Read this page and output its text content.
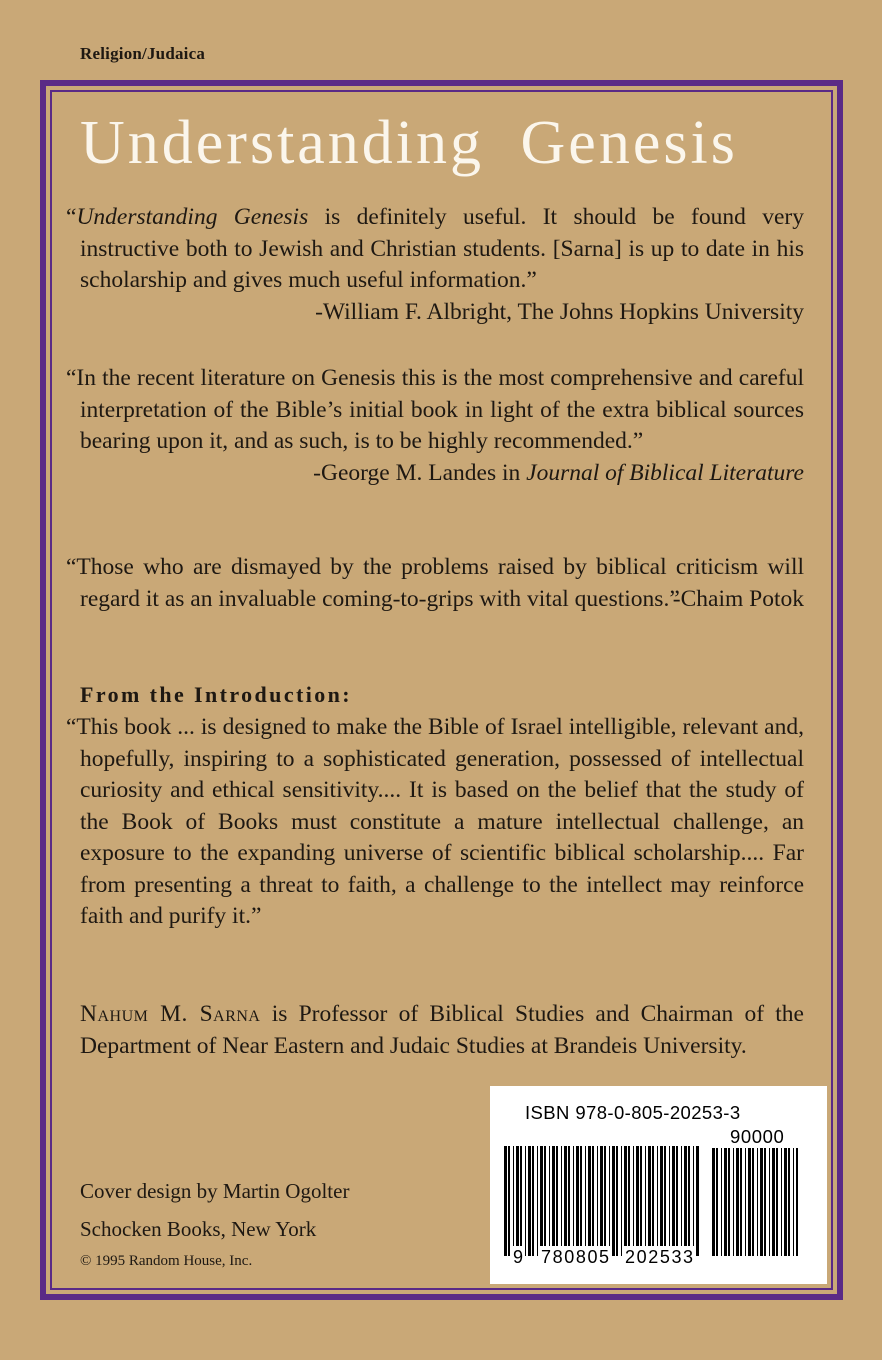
Religion/Judaica
Understanding Genesis
“Understanding Genesis is definitely useful. It should be found very instructive both to Jewish and Christian students. [Sarna] is up to date in his scholarship and gives much useful information.”
-William F. Albright, The Johns Hopkins University
“In the recent literature on Genesis this is the most comprehensive and careful interpretation of the Bible’s initial book in light of the extra biblical sources bearing upon it, and as such, is to be highly recommended.”
-George M. Landes in Journal of Biblical Literature
“Those who are dismayed by the problems raised by biblical criticism will regard it as an invaluable coming-to-grips with vital questions.”
-Chaim Potok
From the Introduction:
“This book ... is designed to make the Bible of Israel intelligible, relevant and, hopefully, inspiring to a sophisticated generation, possessed of intellectual curiosity and ethical sensitivity.... It is based on the belief that the study of the Book of Books must constitute a mature intellectual challenge, an exposure to the expanding universe of scientific biblical scholarship.... Far from presenting a threat to faith, a challenge to the intellect may reinforce faith and purify it.”
Nahum M. Sarna is Professor of Biblical Studies and Chairman of the Department of Near Eastern and Judaic Studies at Brandeis University.
Cover design by Martin Ogolter
Schocken Books, New York
© 1995 Random House, Inc.
ISBN 978-0-805-20253-3
90000
9 780805 202533
